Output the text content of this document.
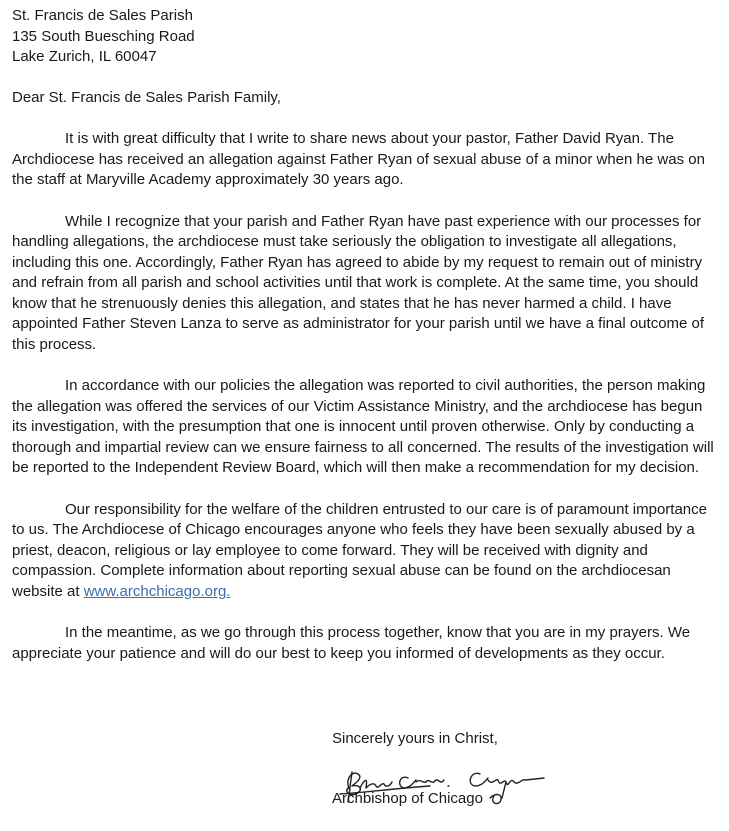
St. Francis de Sales Parish
135 South Buesching Road
Lake Zurich, IL 60047
Dear St. Francis de Sales Parish Family,

It is with great difficulty that I write to share news about your pastor, Father David Ryan. The Archdiocese has received an allegation against Father Ryan of sexual abuse of a minor when he was on the staff at Maryville Academy approximately 30 years ago.

While I recognize that your parish and Father Ryan have past experience with our processes for handling allegations, the archdiocese must take seriously the obligation to investigate all allegations, including this one. Accordingly, Father Ryan has agreed to abide by my request to remain out of ministry and refrain from all parish and school activities until that work is complete. At the same time, you should know that he strenuously denies this allegation, and states that he has never harmed a child. I have appointed Father Steven Lanza to serve as administrator for your parish until we have a final outcome of this process.

In accordance with our policies the allegation was reported to civil authorities, the person making the allegation was offered the services of our Victim Assistance Ministry, and the archdiocese has begun its investigation, with the presumption that one is innocent until proven otherwise. Only by conducting a thorough and impartial review can we ensure fairness to all concerned. The results of the investigation will be reported to the Independent Review Board, which will then make a recommendation for my decision.

Our responsibility for the welfare of the children entrusted to our care is of paramount importance to us. The Archdiocese of Chicago encourages anyone who feels they have been sexually abused by a priest, deacon, religious or lay employee to come forward. They will be received with dignity and compassion. Complete information about reporting sexual abuse can be found on the archdiocesan website at www.archchicago.org.

In the meantime, as we go through this process together, know that you are in my prayers. We appreciate your patience and will do our best to keep you informed of developments as they occur.

Sincerely yours in Christ,
Archbishop of Chicago
